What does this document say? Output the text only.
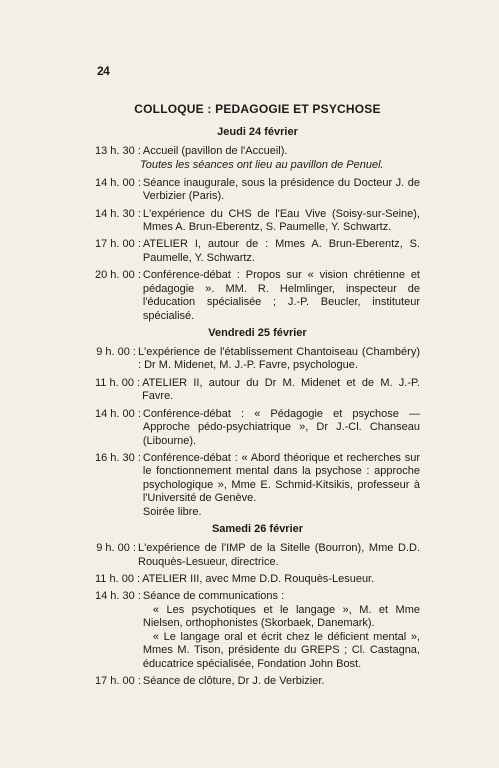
24
COLLOQUE : PEDAGOGIE ET PSYCHOSE
Jeudi 24 février
13 h. 30 : Accueil (pavillon de l'Accueil).
Toutes les séances ont lieu au pavillon de Penuel.
14 h. 00 : Séance inaugurale, sous la présidence du Docteur J. de Verbizier (Paris).
14 h. 30 : L'expérience du CHS de l'Eau Vive (Soisy-sur-Seine), Mmes A. Brun-Eberentz, S. Paumelle, Y. Schwartz.
17 h. 00 : ATELIER I, autour de : Mmes A. Brun-Eberentz, S. Paumelle, Y. Schwartz.
20 h. 00 : Conférence-débat : Propos sur « vision chrétienne et pédagogie ». MM. R. Helmlinger, inspecteur de l'éducation spécialisée ; J.-P. Beucler, instituteur spécialisé.
Vendredi 25 février
9 h. 00 : L'expérience de l'établissement Chantoiseau (Chambéry) : Dr M. Midenet, M. J.-P. Favre, psychologue.
11 h. 00 : ATELIER II, autour du Dr M. Midenet et de M. J.-P. Favre.
14 h. 00 : Conférence-débat : « Pédagogie et psychose — Approche pédo-psychiatrique », Dr J.-Cl. Chanseau (Libourne).
16 h. 30 : Conférence-débat : « Abord théorique et recherches sur le fonctionnement mental dans la psychose : approche psychologique », Mme E. Schmid-Kitsikis, professeur à l'Université de Genève.
Soirée libre.
Samedi 26 février
9 h. 00 : L'expérience de l'IMP de la Sitelle (Bourron), Mme D.D. Rouquès-Lesueur, directrice.
11 h. 00 : ATELIER III, avec Mme D.D. Rouquès-Lesueur.
14 h. 30 : Séance de communications :
« Les psychotiques et le langage », M. et Mme Nielsen, orthophonistes (Skorbaek, Danemark).
« Le langage oral et écrit chez le déficient mental », Mmes M. Tison, présidente du GREPS ; Cl. Castagna, éducatrice spécialisée, Fondation John Bost.
17 h. 00 : Séance de clôture, Dr J. de Verbizier.
